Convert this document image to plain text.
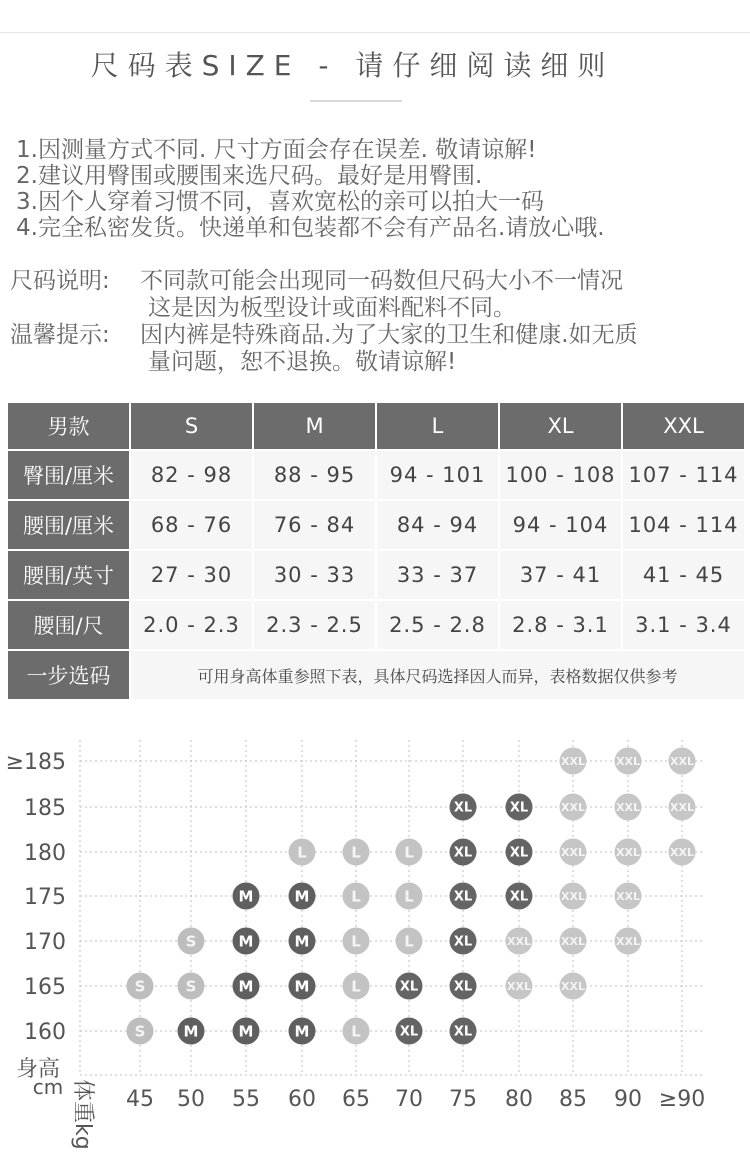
尺码表SIZE - 请仔细阅读细则
1.因测量方式不同. 尺寸方面会存在误差. 敬请谅解!
2.建议用臀围或腰围来选尺码。最好是用臀围.
3.因个人穿着习惯不同，喜欢宽松的亲可以拍大一码
4.完全私密发货。快递单和包装都不会有产品名.请放心哦.
尺码说明:	不同款可能会出现同一码数但尺码大小不一情况
这是因为板型设计或面料配料不同。
温馨提示:	因内裤是特殊商品.为了大家的卫生和健康.如无质
量问题，恕不退换。敬请谅解!
男款	S	M	L	XL	XXL
臀围/厘米	82 - 98	88 - 95	94 - 101	100 - 108	107 - 114
腰围/厘米	68 - 76	76 - 84	84 - 94	94 - 104	104 - 114
腰围/英寸	27 - 30	30 - 33	33 - 37	37 - 41	41 - 45
腰围/尺	2.0 - 2.3	2.3 - 2.5	2.5 - 2.8	2.8 - 3.1	3.1 - 3.4
一步选码	可用身高体重参照下表，具体尺码选择因人而异，表格数据仅供参考				
≥185
185
180
175
170
165
160
45 50 55 60 65 70 75 80 85 90 ≥90
身高
cm 体重kg
XXL	XXL	XXL
XL	XL	XXL	XXL	XXL
L	L	L	XL	XL	XXL	XXL	XXL
M	M	L	L	XL	XL	XXL	XXL
S	M	M	L	L	XL	XXL	XXL	XXL
S	S	M	M	L	XL	XL	XXL	XXL
S	M	M	M	L	XL	XL
